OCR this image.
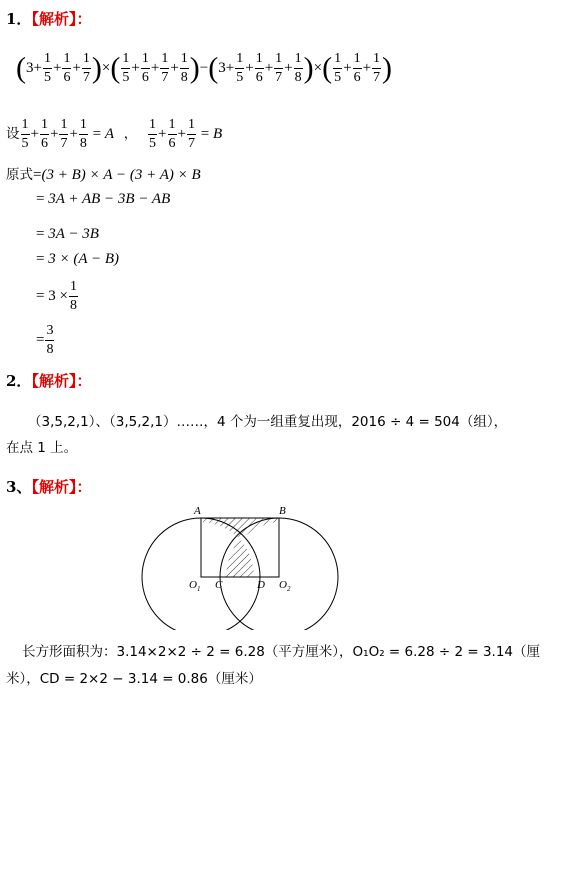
1．【解析】：
($3+ \frac{1}{5} + \frac{1}{6} + \frac{1}{7}$ )×( $\frac{1}{5} + \frac{1}{6} + \frac{1}{7} + \frac{1}{8} )-(3+ \frac{1}{5} + \frac{1}{6} + \frac{1}{7} + \frac{1}{8}$ )×( $\frac{1}{5} + \frac{1}{6} + \frac{1}{7}$ )
设 $\frac{1}{5} + \frac{1}{6} + \frac{1}{7} + \frac{1}{8} = A$ ， $\frac{1}{5} + \frac{1}{6} + \frac{1}{7} = B$
原式=(3 + B) × A − (3 + A) × B
= 3A + AB − 3B − AB
= 3A − 3B
= 3 × (A − B)
= $3 \times \frac{1}{8}$
= $\frac{3}{8}$
2．【解析】：
（3,5,2,1）、（3,5,2,1）……，4 个为一组重复出现，2016 ÷ 4 = 504（组），
在点 1 上。
3、【解析】：
A	B
$O_1$ C	D $O_2$
长方形面积为：3.14×2×2 ÷ 2 = 6.28（平方厘米），O₁O₂ = 6.28 ÷ 2 = 3.14（厘
米），CD = 2×2 − 3.14 = 0.86（厘米）
